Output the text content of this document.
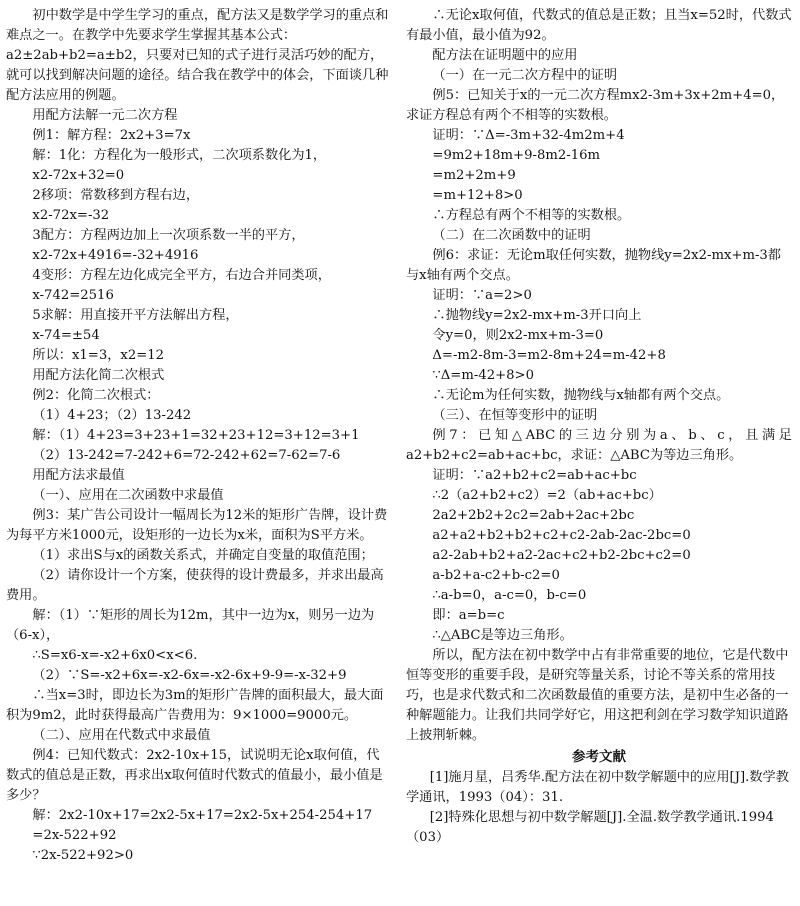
初中数学是中学生学习的重点，配方法又是数学学习的重点和难点之一。在教学中先要求学生掌握其基本公式：

a2±2ab+b2=a±b2，只要对已知的式子进行灵活巧妙的配方，就可以找到解决问题的途径。结合我在教学中的体会，下面谈几种配方法应用的例题。

用配方法解一元二次方程

例1：解方程：2x2+3=7x

解：1化：方程化为一般形式，二次项系数化为1，

x2-72x+32=0

2移项：常数移到方程右边，

x2-72x=-32

3配方：方程两边加上一次项系数一半的平方，

x2-72x+4916=-32+4916

4变形：方程左边化成完全平方，右边合并同类项，

x-742=2516

5求解：用直接开平方法解出方程，

x-74=±54

所以：x1=3，x2=12

用配方法化简二次根式

例2：化简二次根式：

（1）4+23；（2）13-242

解：（1）4+23=3+23+1=32+23+12=3+12=3+1

（2）13-242=7-242+6=72-242+62=7-62=7-6

用配方法求最值

（一）、应用在二次函数中求最值

例3：某广告公司设计一幅周长为12米的矩形广告牌，设计费为每平方米1000元，设矩形的一边长为x米，面积为S平方米。

（1）求出S与x的函数关系式，并确定自变量的取值范围；

（2）请你设计一个方案，使获得的设计费最多，并求出最高费用。

解：（1）∵矩形的周长为12m，其中一边为x，则另一边为（6-x），

∴S=x6-x=-x2+6x0<x<6.

（2）∵S=-x2+6x=-x2-6x=-x2-6x+9-9=-x-32+9

∴当x=3时，即边长为3m的矩形广告牌的面积最大，最大面积为9m2，此时获得最高广告费用为：9×1000=9000元。

（二）、应用在代数式中求最值

例4：已知代数式：2x2-10x+15，试说明无论x取何值，代数式的值总是正数，再求出x取何值时代数式的值最小，最小值是多少？

解：2x2-10x+17=2x2-5x+17=2x2-5x+254-254+17

=2x-522+92

∵2x-522+92>0

∴无论x取何值，代数式的值总是正数；且当x=52时，代数式有最小值，最小值为92。

配方法在证明题中的应用

（一）在一元二次方程中的证明

例5：已知关于x的一元二次方程mx2-3m+3x+2m+4=0，求证方程总有两个不相等的实数根。

证明：∵Δ=-3m+32-4m2m+4

=9m2+18m+9-8m2-16m

=m2+2m+9

=m+12+8>0

∴方程总有两个不相等的实数根。

（二）在二次函数中的证明

例6：求证：无论m取任何实数，抛物线y=2x2-mx+m-3都与x轴有两个交点。

证明：∵a=2>0

∴抛物线y=2x2-mx+m-3开口向上

令y=0，则2x2-mx+m-3=0

Δ=-m2-8m-3=m2-8m+24=m-42+8

∵Δ=m-42+8>0

∴无论m为任何实数，抛物线与x轴都有两个交点。

（三）、在恒等变形中的证明

例7：已知△ABC的三边分别为a、b、c，且满足

a2+b2+c2=ab+ac+bc，求证：△ABC为等边三角形。

证明：∵a2+b2+c2=ab+ac+bc

∴2（a2+b2+c2）=2（ab+ac+bc）

2a2+2b2+2c2=2ab+2ac+2bc

a2+a2+b2+b2+c2+c2-2ab-2ac-2bc=0

a2-2ab+b2+a2-2ac+c2+b2-2bc+c2=0

a-b2+a-c2+b-c2=0

∴a-b=0，a-c=0，b-c=0

即：a=b=c

∴△ABC是等边三角形。

所以，配方法在初中数学中占有非常重要的地位，它是代数中恒等变形的重要手段，是研究等量关系，讨论不等关系的常用技巧，也是求代数式和二次函数最值的重要方法，是初中生必备的一种解题能力。让我们共同学好它，用这把利剑在学习数学知识道路上披荆斩棘。

参考文献

[1]施月星，吕秀华.配方法在初中数学解题中的应用[J].数学教学通讯，1993（04）：31.

[2]特殊化思想与初中数学解题[J].全温.数学教学通讯.1994（03）
